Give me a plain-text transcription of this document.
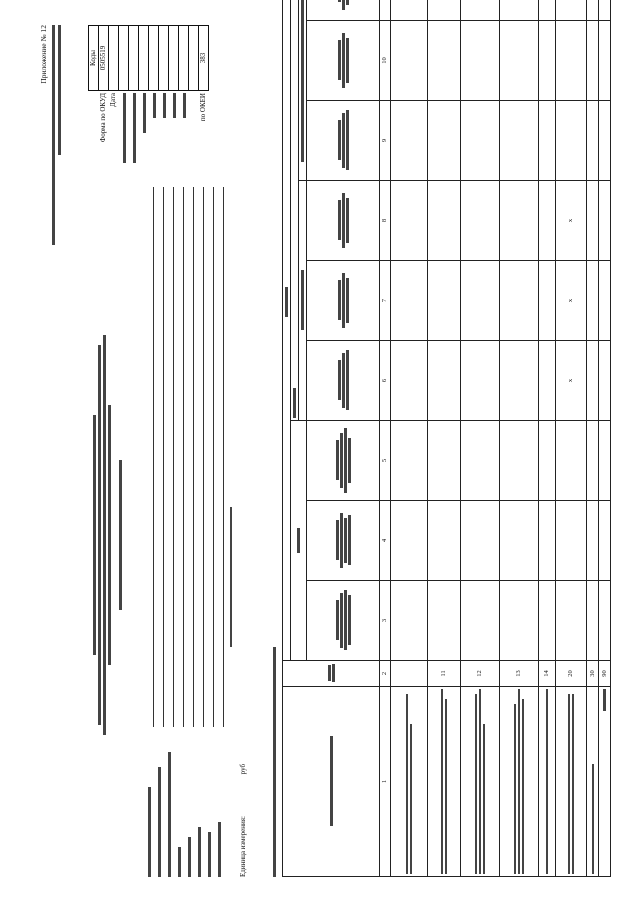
Приложение № 12
		Коды
Форма по ОКУД	0505519
Дата	

по ОКЕИ	383
Единица измерения: руб

1	2	3	4	5	6	7	8	9	10	

	11									

	12									

	13									

	14									

	20				х	х	х			

	30									

	90									
